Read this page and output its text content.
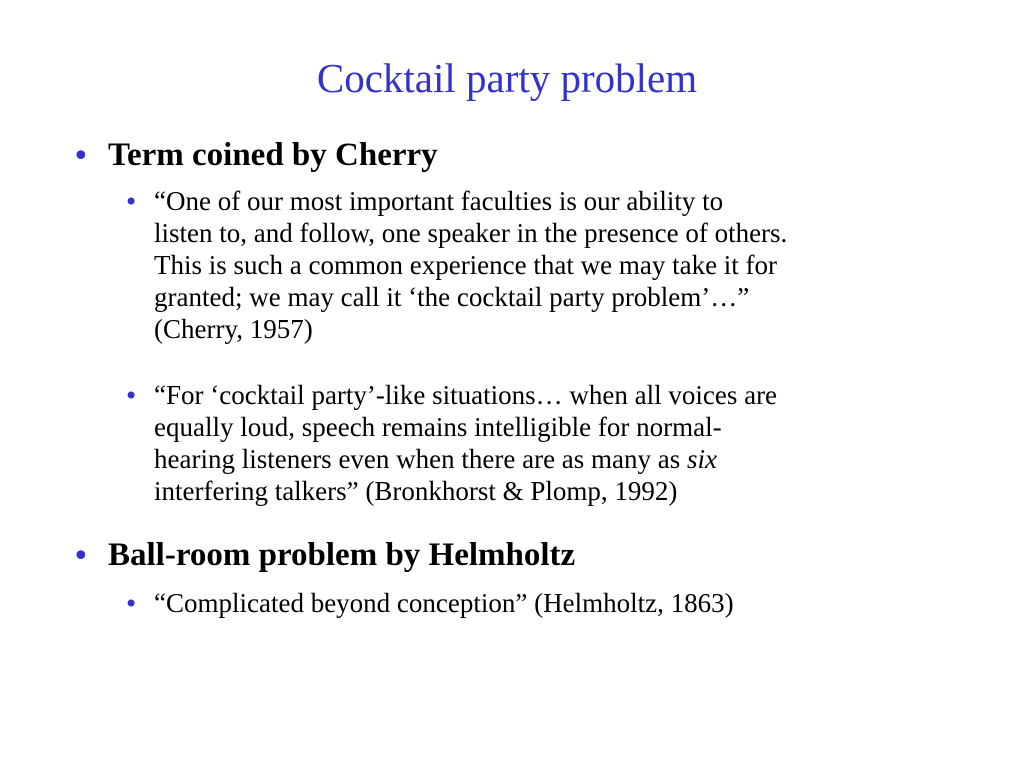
Cocktail party problem
• Term coined by Cherry
• “One of our most important faculties is our ability to
listen to, and follow, one speaker in the presence of others.
This is such a common experience that we may take it for
granted; we may call it ‘the cocktail party problem’…”
(Cherry, 1957)
• “For ‘cocktail party’-like situations… when all voices are
equally loud, speech remains intelligible for normal-
hearing listeners even when there are as many as six
interfering talkers” (Bronkhorst & Plomp, 1992)
• Ball-room problem by Helmholtz
• “Complicated beyond conception” (Helmholtz, 1863)
